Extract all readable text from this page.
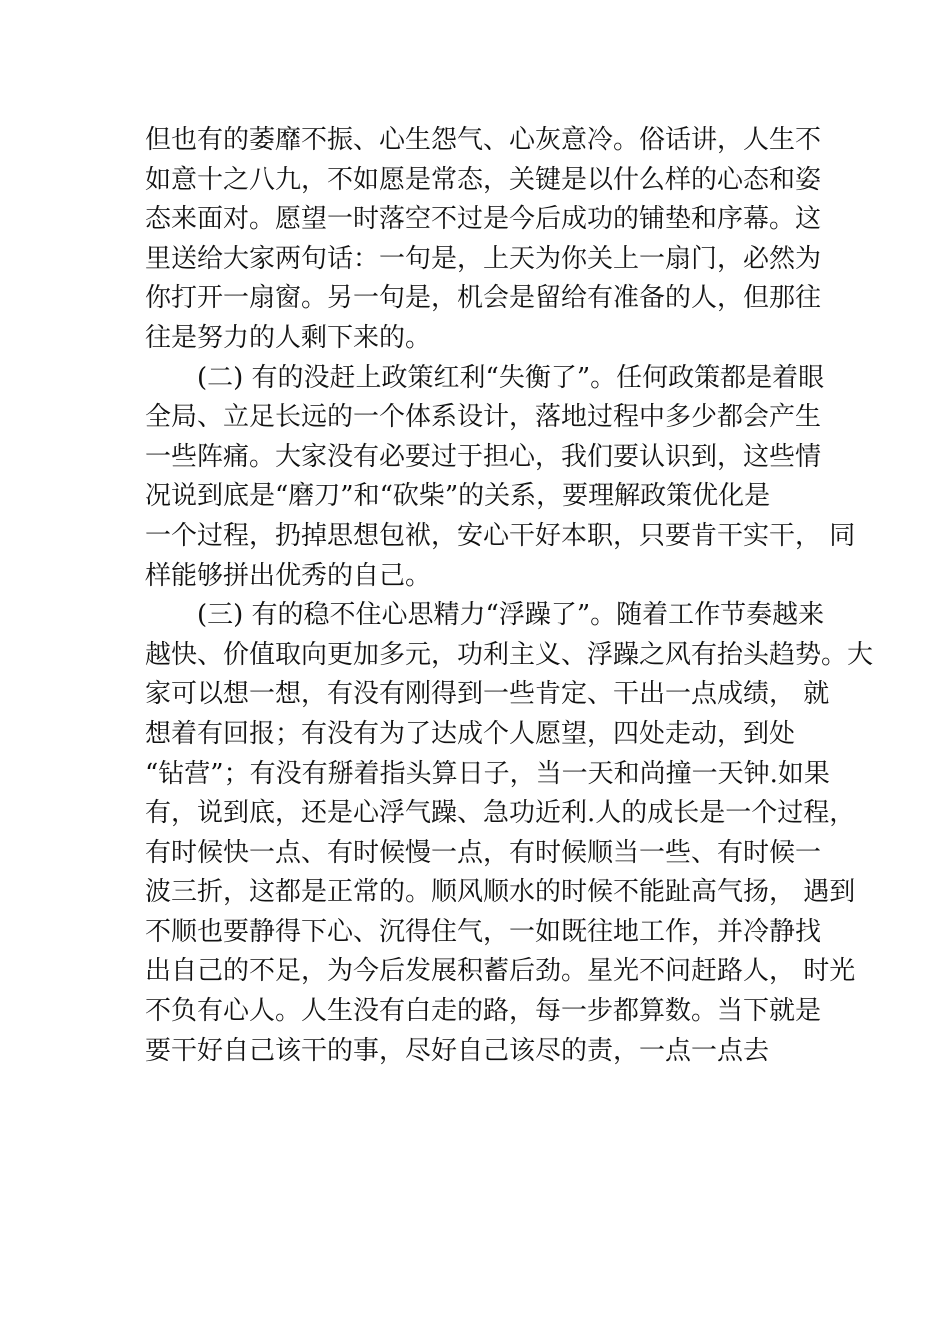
但也有的萎靡不振、心生怨气、心灰意冷。俗话讲，人生不
如意十之八九，不如愿是常态，关键是以什么样的心态和姿
态来面对。愿望一时落空不过是今后成功的铺垫和序幕。这
里送给大家两句话：一句是，上天为你关上一扇门，必然为
你打开一扇窗。另一句是，机会是留给有准备的人，但那往
往是努力的人剩下来的。
(二) 有的没赶上政策红利“失衡了”。任何政策都是着眼
全局、立足长远的一个体系设计，落地过程中多少都会产生
一些阵痛。大家没有必要过于担心，我们要认识到，这些情
况说到底是“磨刀”和“砍柴”的关系，要理解政策优化是
一个过程，扔掉思想包袱，安心干好本职，只要肯干实干， 同
样能够拼出优秀的自己。
(三) 有的稳不住心思精力“浮躁了”。随着工作节奏越来
越快、价值取向更加多元，功利主义、浮躁之风有抬头趋势。大
家可以想一想，有没有刚得到一些肯定、干出一点成绩， 就
想着有回报；有没有为了达成个人愿望，四处走动，到处
“钻营”；有没有掰着指头算日子，当一天和尚撞一天钟.如果
有，说到底，还是心浮气躁、急功近利.人的成长是一个过程，
有时候快一点、有时候慢一点，有时候顺当一些、有时候一
波三折，这都是正常的。顺风顺水的时候不能趾高气扬， 遇到
不顺也要静得下心、沉得住气，一如既往地工作，并冷静找
出自己的不足，为今后发展积蓄后劲。星光不问赶路人， 时光
不负有心人。人生没有白走的路，每一步都算数。当下就是
要干好自己该干的事，尽好自己该尽的责，一点一点去
